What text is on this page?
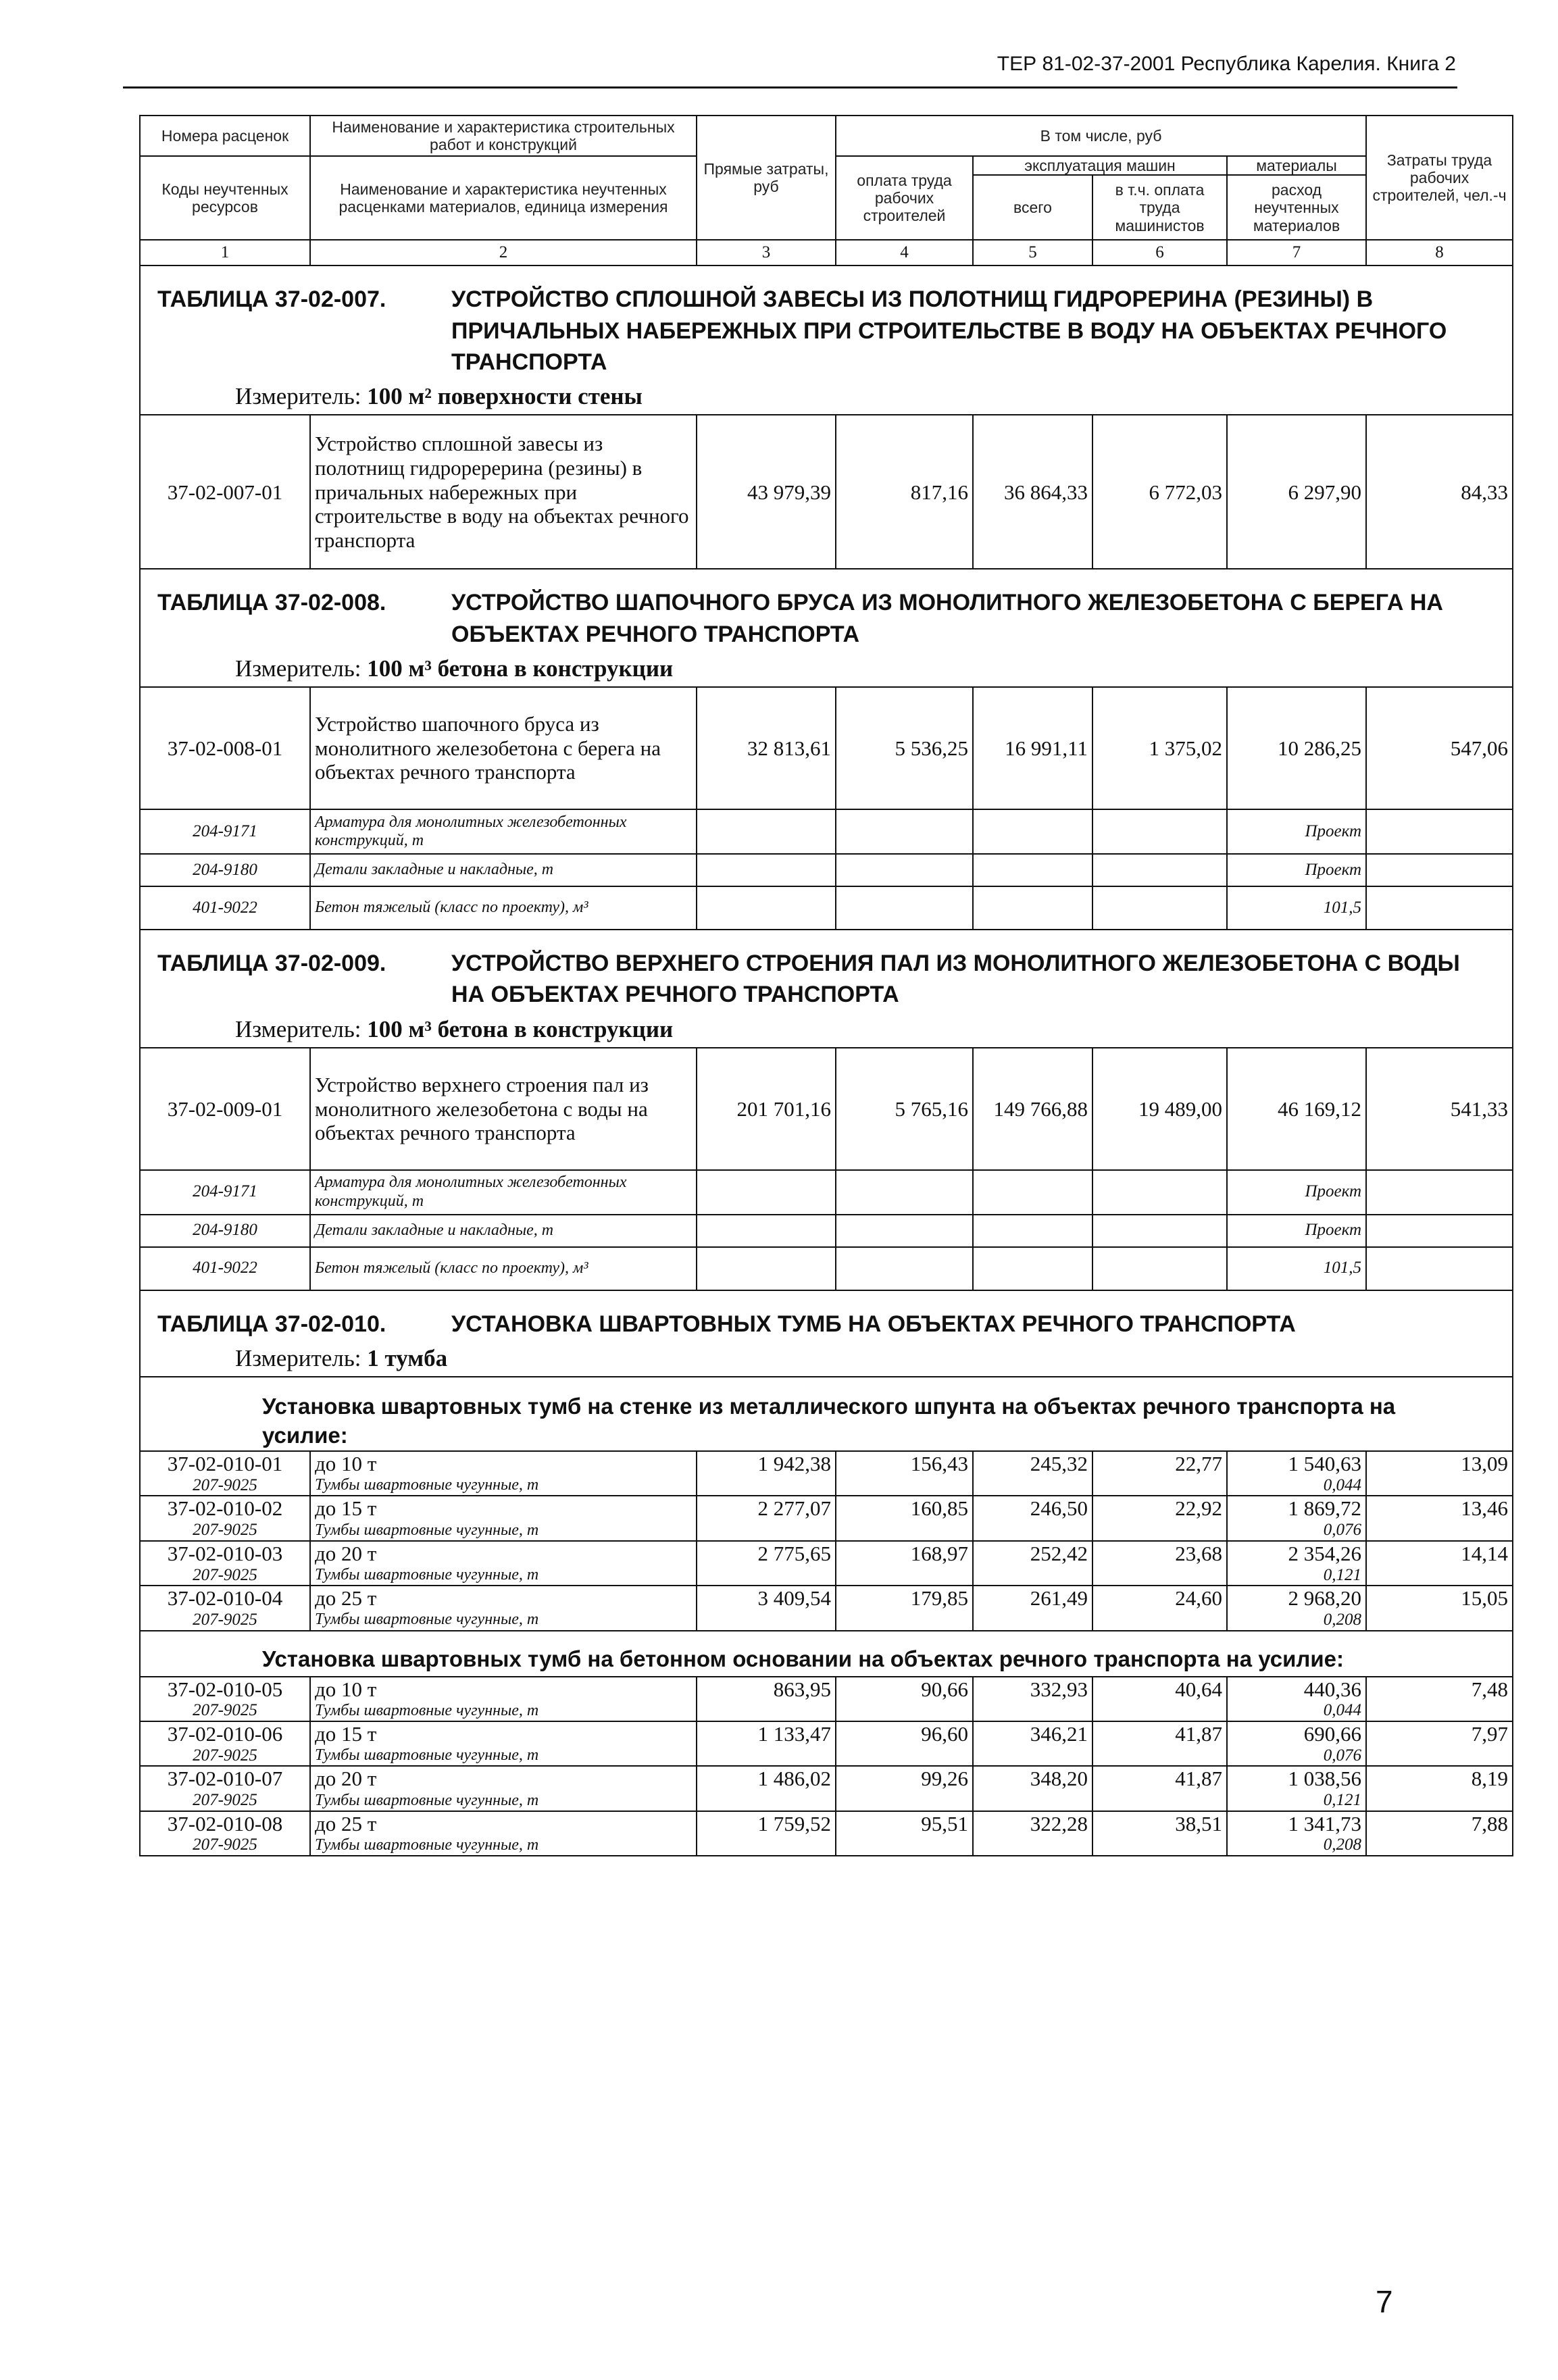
ТЕР 81-02-37-2001 Республика Карелия. Книга 2
Номера расценок	Наименование и характеристика строительных работ и конструкций	Прямые затраты, руб	В том числе, руб				Затраты труда рабочих строителей, чел.-ч
Коды неучтенных ресурсов	Наименование и характеристика неучтенных расценками материалов, единица измерения		оплата труда рабочих строителей	эксплуатация машин		материалы	
				всего	в т.ч. оплата труда машинистов	расход неучтенных материалов	
1	2	3	4	5	6	7	8

ТАБЛИЦА 37-02-007. УСТРОЙСТВО СПЛОШНОЙ ЗАВЕСЫ ИЗ ПОЛОТНИЩ ГИДРОРЕРИНА (РЕЗИНЫ) В ПРИЧАЛЬНЫХ НАБЕРЕЖНЫХ ПРИ СТРОИТЕЛЬСТВЕ В ВОДУ НА ОБЪЕКТАХ РЕЧНОГО ТРАНСПОРТА
Измеритель: 100 м² поверхности стены							

37-02-007-01	Устройство сплошной завесы из полотнищ гидроререрина (резины) в причальных набережных при строительстве в воду на объектах речного транспорта	43 979,39	817,16	36 864,33	6 772,03	6 297,90	84,33

ТАБЛИЦА 37-02-008. УСТРОЙСТВО ШАПОЧНОГО БРУСА ИЗ МОНОЛИТНОГО ЖЕЛЕЗОБЕТОНА С БЕРЕГА НА ОБЪЕКТАХ РЕЧНОГО ТРАНСПОРТА
Измеритель: 100 м³ бетона в конструкции							

37-02-008-01	Устройство шапочного бруса из монолитного железобетона с берега на объектах речного транспорта	32 813,61	5 536,25	16 991,11	1 375,02	10 286,25	547,06
204-9171	Арматура для монолитных железобетонных конструкций, т					Проект	
204-9180	Детали закладные и накладные, т					Проект	
401-9022	Бетон тяжелый (класс по проекту), м³					101,5	

ТАБЛИЦА 37-02-009. УСТРОЙСТВО ВЕРХНЕГО СТРОЕНИЯ ПАЛ ИЗ МОНОЛИТНОГО ЖЕЛЕЗОБЕТОНА С ВОДЫ НА ОБЪЕКТАХ РЕЧНОГО ТРАНСПОРТА
Измеритель: 100 м³ бетона в конструкции							

37-02-009-01	Устройство верхнего строения пал из монолитного железобетона с воды на объектах речного транспорта	201 701,16	5 765,16	149 766,88	19 489,00	46 169,12	541,33
204-9171	Арматура для монолитных железобетонных конструкций, т					Проект	
204-9180	Детали закладные и накладные, т					Проект	
401-9022	Бетон тяжелый (класс по проекту), м³					101,5	

ТАБЛИЦА 37-02-010. УСТАНОВКА ШВАРТОВНЫХ ТУМБ НА ОБЪЕКТАХ РЕЧНОГО ТРАНСПОРТА
Измеритель: 1 тумба							

Установка швартовных тумб на стенке из металлического шпунта на объектах речного транспорта на усилие:							

37-02-010-01	до 10 т	1 942,38	156,43	245,32	22,77	1 540,63	13,09
207-9025	Тумбы швартовные чугунные, т					0,044	
37-02-010-02	до 15 т	2 277,07	160,85	246,50	22,92	1 869,72	13,46
207-9025	Тумбы швартовные чугунные, т					0,076	
37-02-010-03	до 20 т	2 775,65	168,97	252,42	23,68	2 354,26	14,14
207-9025	Тумбы швартовные чугунные, т					0,121	
37-02-010-04	до 25 т	3 409,54	179,85	261,49	24,60	2 968,20	15,05
207-9025	Тумбы швартовные чугунные, т					0,208	

Установка швартовных тумб на бетонном основании на объектах речного транспорта на усилие:							

37-02-010-05	до 10 т	863,95	90,66	332,93	40,64	440,36	7,48
207-9025	Тумбы швартовные чугунные, т					0,044	
37-02-010-06	до 15 т	1 133,47	96,60	346,21	41,87	690,66	7,97
207-9025	Тумбы швартовные чугунные, т					0,076	
37-02-010-07	до 20 т	1 486,02	99,26	348,20	41,87	1 038,56	8,19
207-9025	Тумбы швартовные чугунные, т					0,121	
37-02-010-08	до 25 т	1 759,52	95,51	322,28	38,51	1 341,73	7,88
207-9025	Тумбы швартовные чугунные, т					0,208	
7
